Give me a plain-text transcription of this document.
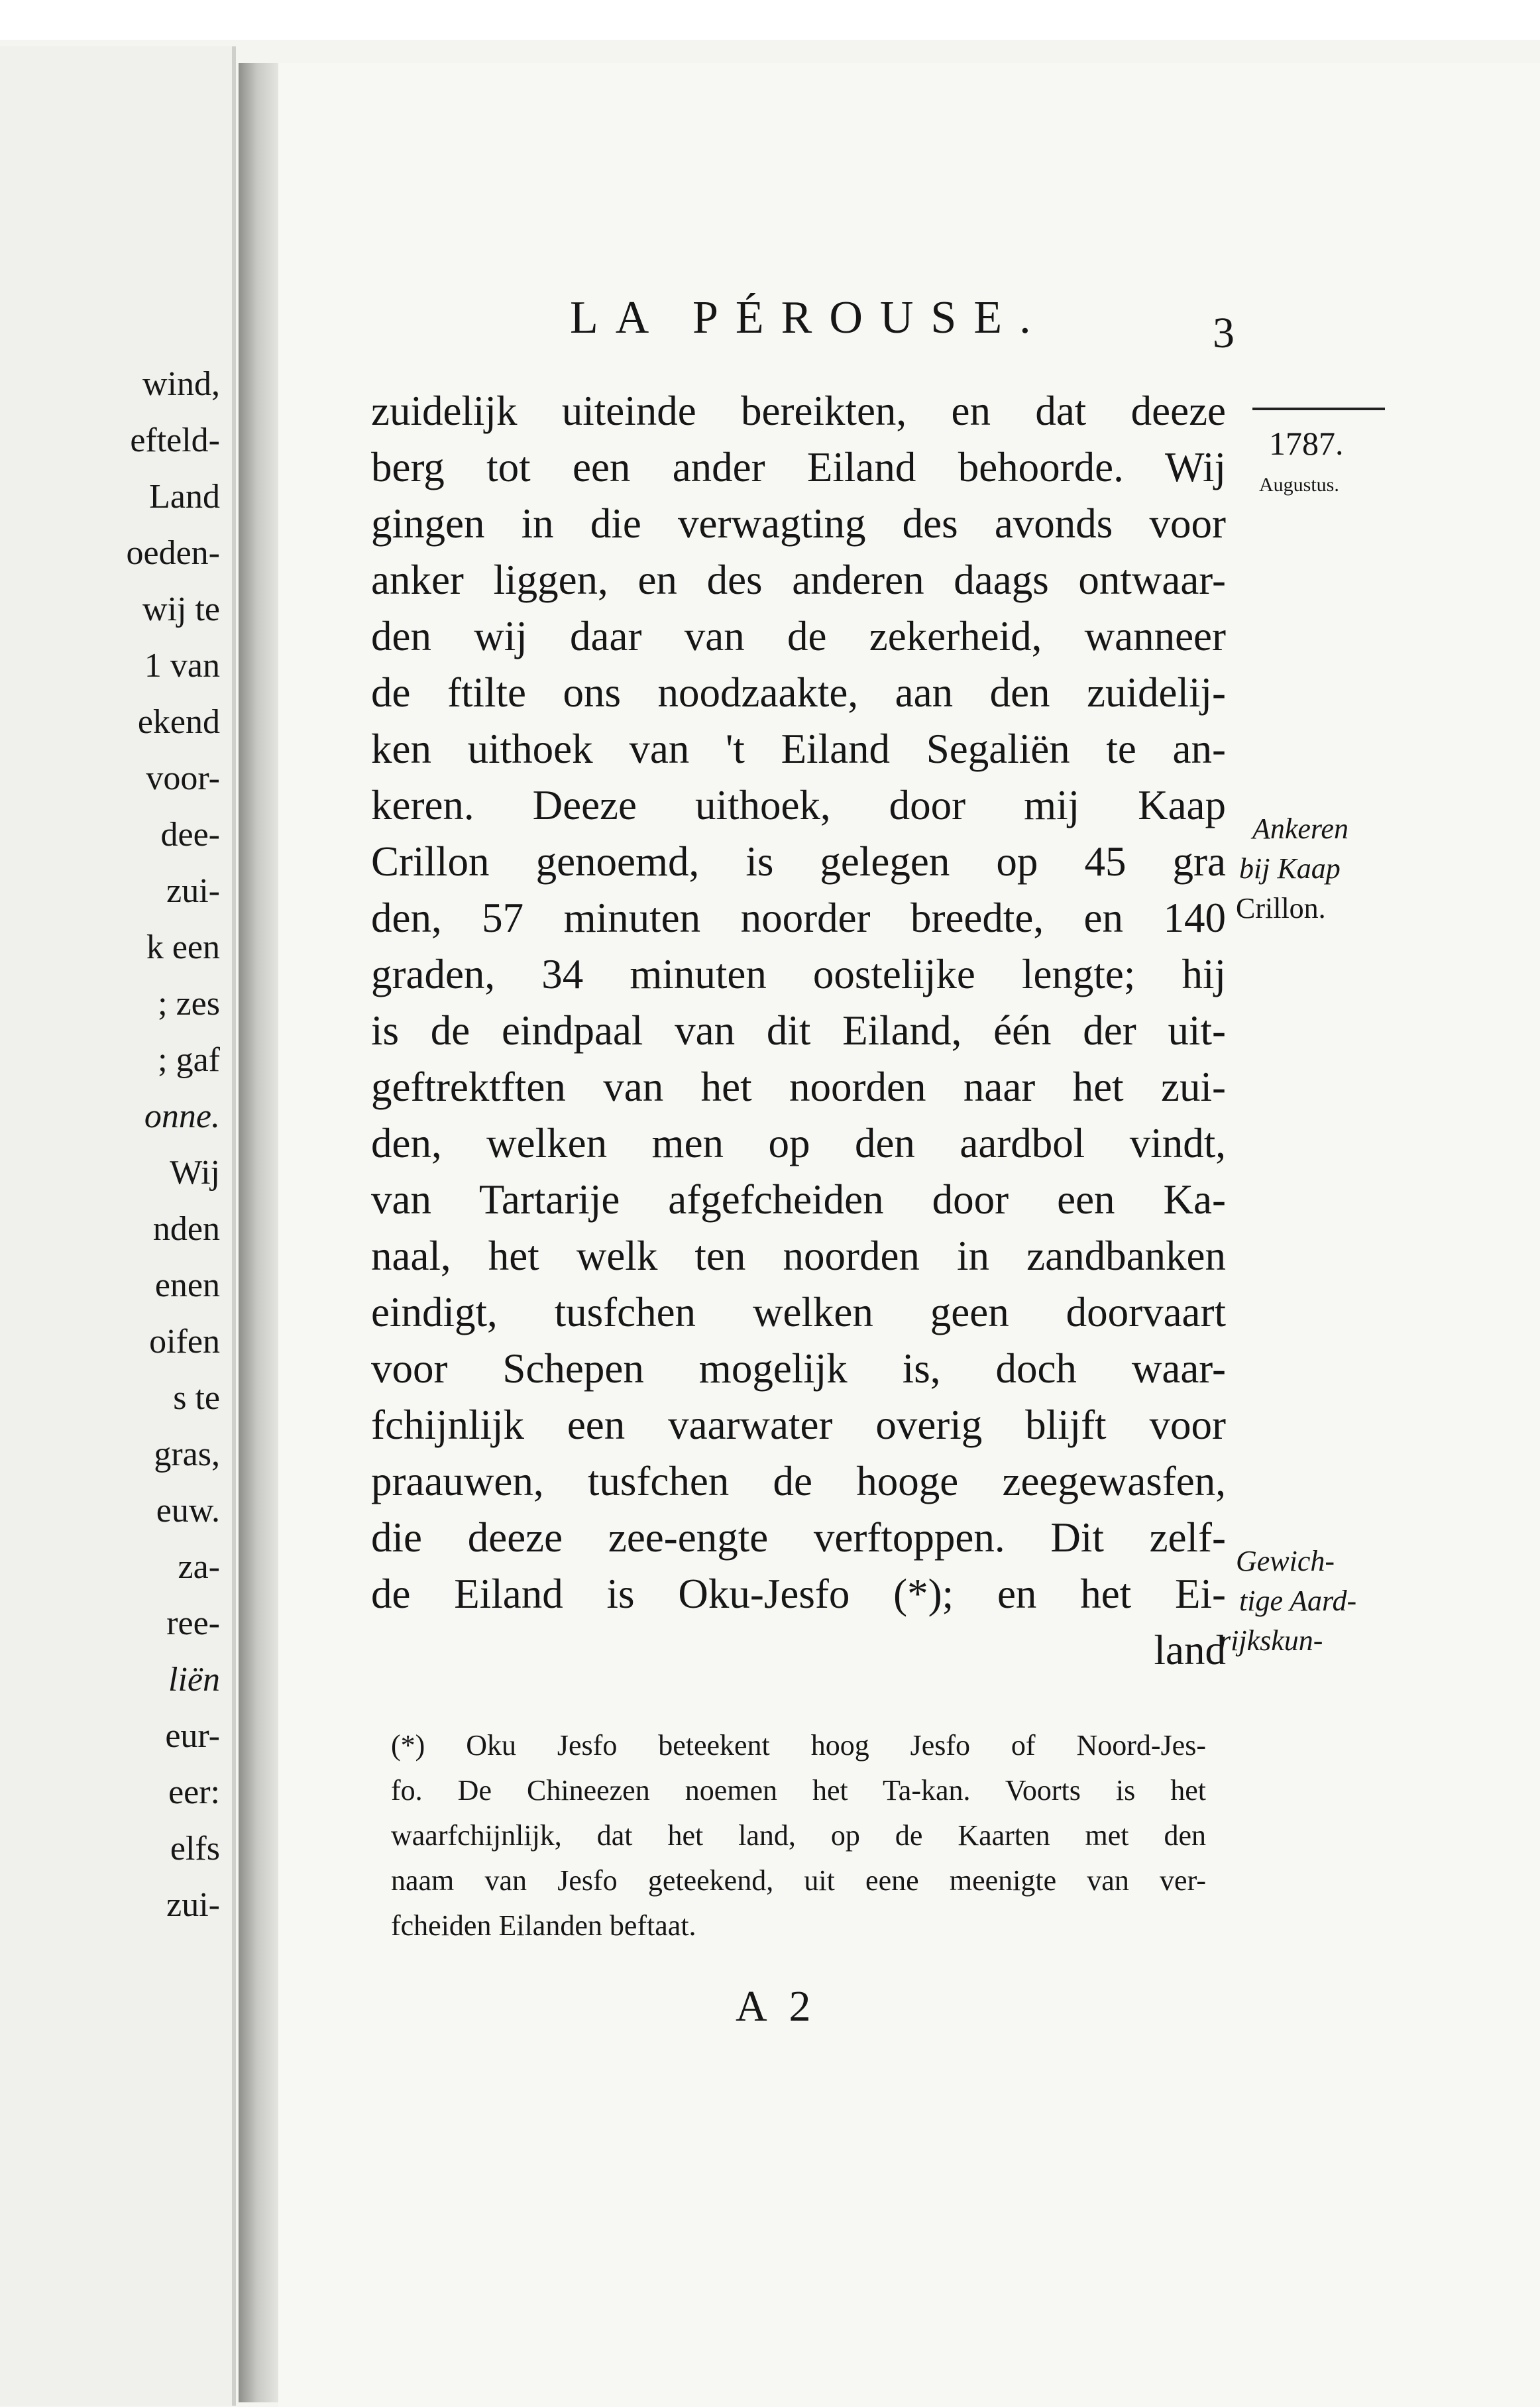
wind,
efteld-
Land
oeden-
wij te
1 van
ekend
voor-
dee-
zui-
k een
; zes
; gaf
onne.
Wij
nden
enen
oifen
s te
gras,
euw.
za-
ree-
liën
eur-
eer:
elfs
zui-
LA PÉROUSE.	3
zuidelijk uiteinde bereikten, en dat deeze
berg tot een ander Eiland behoorde. Wij
gingen in die verwagting des avonds voor
anker liggen, en des anderen daags ontwaar-
den wij daar van de zekerheid, wanneer
de ftilte ons noodzaakte, aan den zuidelij-
ken uithoek van 't Eiland Segaliën te an-
keren. Deeze uithoek, door mij Kaap
Crillon genoemd, is gelegen op 45 gra
den, 57 minuten noorder breedte, en 140
graden, 34 minuten oostelijke lengte; hij
is de eindpaal van dit Eiland, één der uit-
geftrektften van het noorden naar het zui-
den, welken men op den aardbol vindt,
van Tartarije afgefcheiden door een Ka-
naal, het welk ten noorden in zandbanken
eindigt, tusfchen welken geen doorvaart
voor Schepen mogelijk is, doch waar-
fchijnlijk een vaarwater overig blijft voor
praauwen, tusfchen de hooge zeegewasfen,
die deeze zee-engte verftoppen. Dit zelf-
de Eiland is Oku-Jesfo (*); en het Ei-
land
1787.
Augustus.
Ankeren
bij Kaap
Crillon.
Gewich-
tige Aard-
rijkskun-
(*) Oku Jesfo beteekent hoog Jesfo of Noord-Jes-
fo. De Chineezen noemen het Ta-kan. Voorts is het
waarfchijnlijk, dat het land, op de Kaarten met den
naam van Jesfo geteekend, uit eene meenigte van ver-
fcheiden Eilanden beftaat.
A 2
